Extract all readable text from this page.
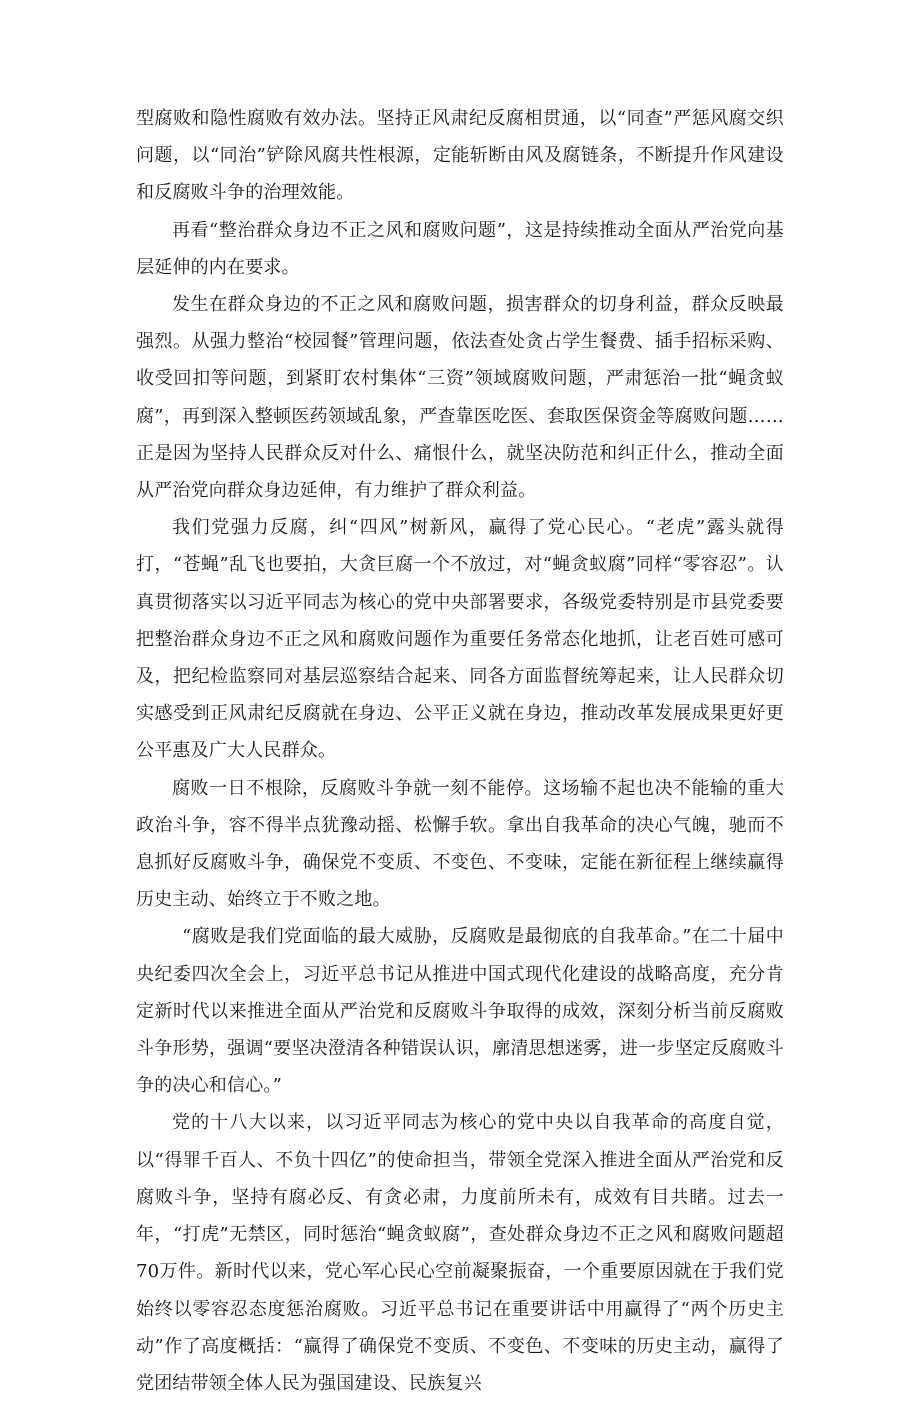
型腐败和隐性腐败有效办法。坚持正风肃纪反腐相贯通，以“同查”严惩风腐交织问题，以“同治”铲除风腐共性根源，定能斩断由风及腐链条，不断提升作风建设和反腐败斗争的治理效能。

再看“整治群众身边不正之风和腐败问题”，这是持续推动全面从严治党向基层延伸的内在要求。

发生在群众身边的不正之风和腐败问题，损害群众的切身利益，群众反映最强烈。从强力整治“校园餐”管理问题，依法查处贪占学生餐费、插手招标采购、收受回扣等问题，到紧盯农村集体“三资”领域腐败问题，严肃惩治一批“蝇贪蚁腐”，再到深入整顿医药领域乱象，严查靠医吃医、套取医保资金等腐败问题……正是因为坚持人民群众反对什么、痛恨什么，就坚决防范和纠正什么，推动全面从严治党向群众身边延伸，有力维护了群众利益。

我们党强力反腐，纠“四风”树新风，赢得了党心民心。“老虎”露头就得打，“苍蝇”乱飞也要拍，大贪巨腐一个不放过，对“蝇贪蚁腐”同样“零容忍”。认真贯彻落实以习近平同志为核心的党中央部署要求，各级党委特别是市县党委要把整治群众身边不正之风和腐败问题作为重要任务常态化地抓，让老百姓可感可及，把纪检监察同对基层巡察结合起来、同各方面监督统筹起来，让人民群众切实感受到正风肃纪反腐就在身边、公平正义就在身边，推动改革发展成果更好更公平惠及广大人民群众。

腐败一日不根除，反腐败斗争就一刻不能停。这场输不起也决不能输的重大政治斗争，容不得半点犹豫动摇、松懈手软。拿出自我革命的决心气魄，驰而不息抓好反腐败斗争，确保党不变质、不变色、不变味，定能在新征程上继续赢得历史主动、始终立于不败之地。

“腐败是我们党面临的最大威胁，反腐败是最彻底的自我革命。”在二十届中央纪委四次全会上，习近平总书记从推进中国式现代化建设的战略高度，充分肯定新时代以来推进全面从严治党和反腐败斗争取得的成效，深刻分析当前反腐败斗争形势，强调“要坚决澄清各种错误认识，廓清思想迷雾，进一步坚定反腐败斗争的决心和信心。”

党的十八大以来，以习近平同志为核心的党中央以自我革命的高度自觉，以“得罪千百人、不负十四亿”的使命担当，带领全党深入推进全面从严治党和反腐败斗争，坚持有腐必反、有贪必肃，力度前所未有，成效有目共睹。过去一年，“打虎”无禁区，同时惩治“蝇贪蚁腐”，查处群众身边不正之风和腐败问题超70万件。新时代以来，党心军心民心空前凝聚振奋，一个重要原因就在于我们党始终以零容忍态度惩治腐败。习近平总书记在重要讲话中用赢得了“两个历史主动”作了高度概括：“赢得了确保党不变质、不变色、不变味的历史主动，赢得了党团结带领全体人民为强国建设、民族复兴
